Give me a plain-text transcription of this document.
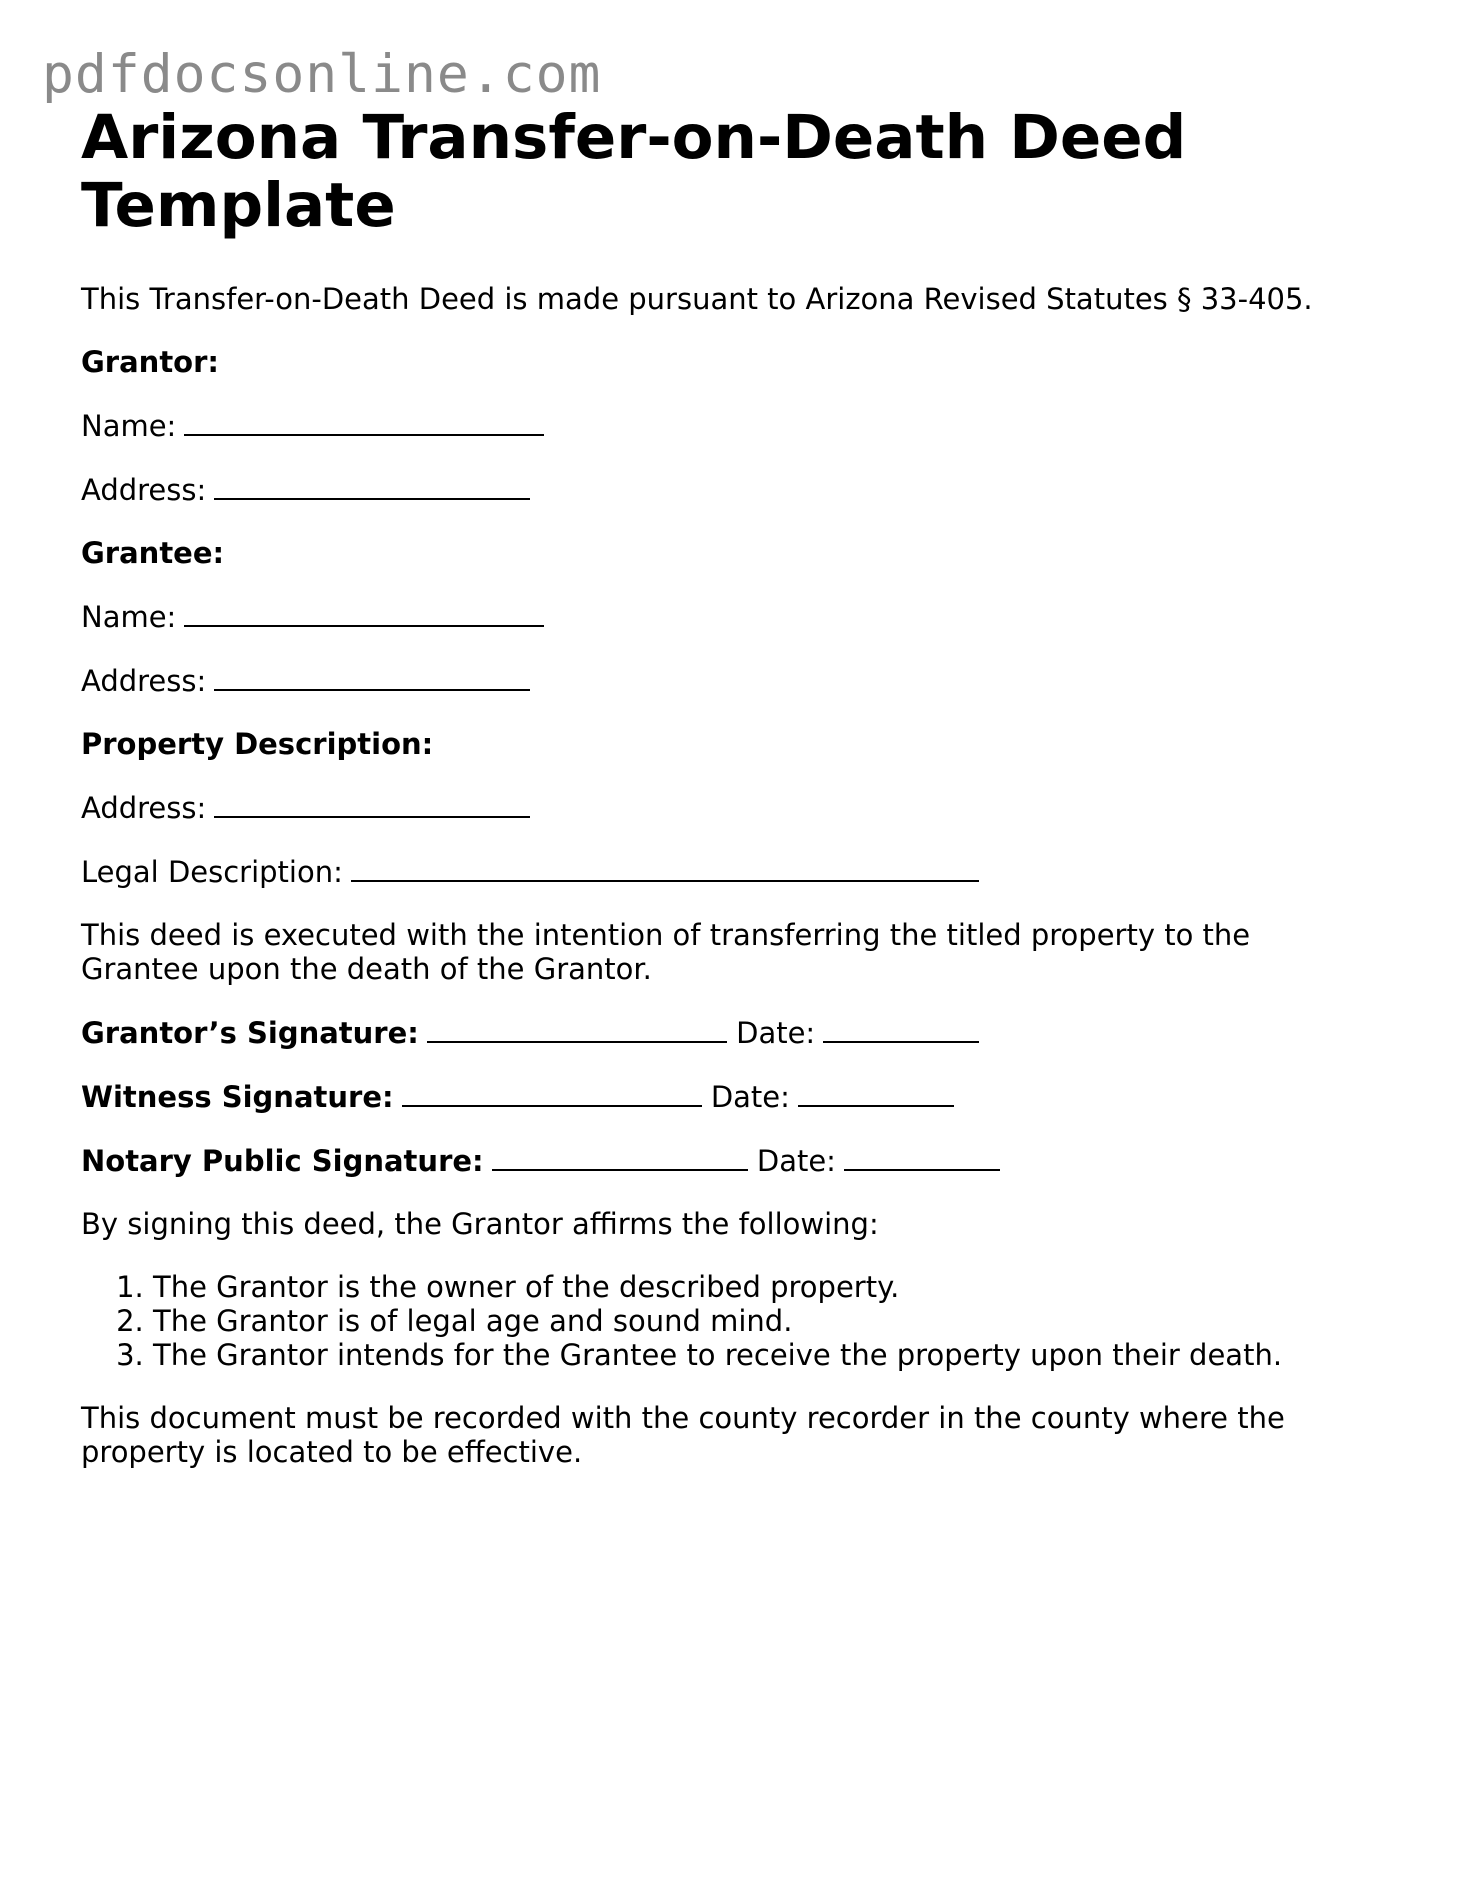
pdfdocsonline.com
Arizona Transfer-on-Death Deed Template

This Transfer-on-Death Deed is made pursuant to Arizona Revised Statutes § 33-405.

Grantor:

Name:

Address:

Grantee:

Name:

Address:

Property Description:

Address:

Legal Description:

This deed is executed with the intention of transferring the titled property to the Grantee upon the death of the Grantor.

Grantor’s Signature:	Date:

Witness Signature:	Date:

Notary Public Signature:	Date:

By signing this deed, the Grantor affirms the following:

1. The Grantor is the owner of the described property.
2. The Grantor is of legal age and sound mind.
3. The Grantor intends for the Grantee to receive the property upon their death.

This document must be recorded with the county recorder in the county where the property is located to be effective.
